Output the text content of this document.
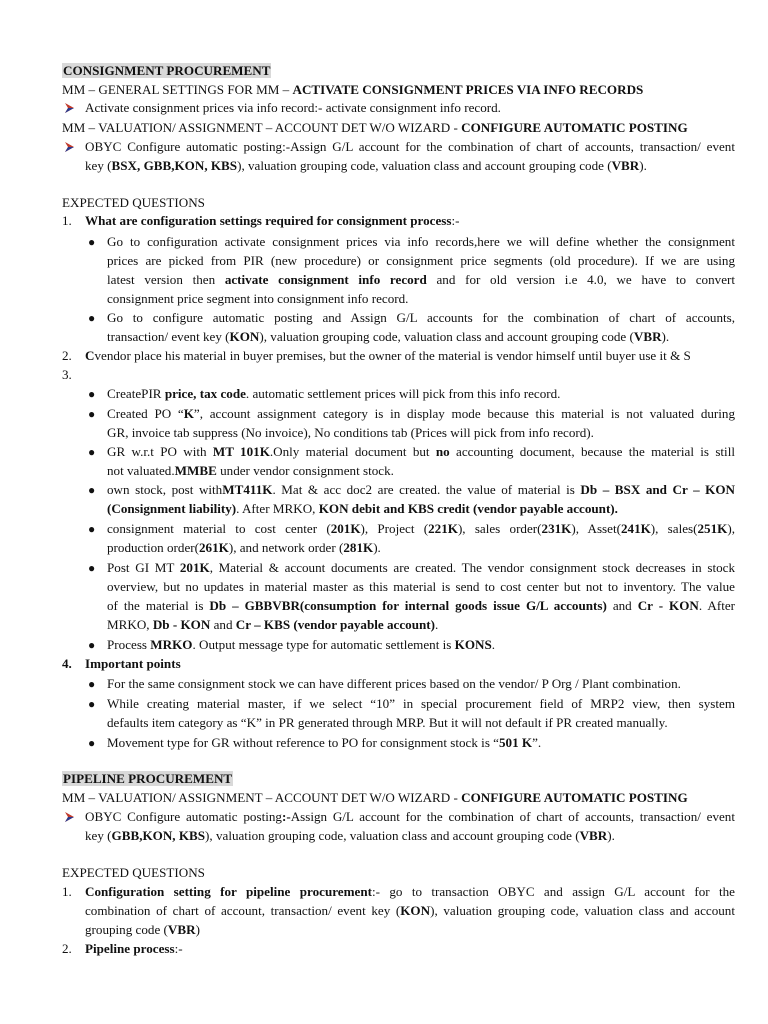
CONSIGNMENT PROCUREMENT
MM – GENERAL SETTINGS FOR MM – ACTIVATE CONSIGNMENT PRICES VIA INFO RECORDS
Activate consignment prices via info record:- activate consignment info record.
MM – VALUATION/ ASSIGNMENT – ACCOUNT DET W/O WIZARD - CONFIGURE AUTOMATIC POSTING
OBYC Configure automatic posting:-Assign G/L account for the combination of chart of accounts, transaction/ event
key (BSX, GBB,KON, KBS), valuation grouping code, valuation class and account grouping code (VBR).
EXPECTED QUESTIONS
1. What are configuration settings required for consignment process:-
● Go to configuration activate consignment prices via info records,here we will define whether the consignment
prices are picked from PIR (new procedure) or consignment price segments (old procedure). If we are using
latest version then activate consignment info record and for old version i.e 4.0, we have to convert
consignment price segment into consignment info record.
● Go to configure automatic posting and Assign G/L accounts for the combination of chart of accounts,
transaction/ event key (KON), valuation grouping code, valuation class and account grouping code (VBR).
2. Cvendor place his material in buyer premises, but the owner of the material is vendor himself until buyer use it & S
3.
● CreatePIR price, tax code. automatic settlement prices will pick from this info record.
● Created PO “K”, account assignment category is in display mode because this material is not valuated during
GR, invoice tab suppress (No invoice), No conditions tab (Prices will pick from info record).
● GR w.r.t PO with MT 101K.Only material document but no accounting document, because the material is still
not valuated.MMBE under vendor consignment stock.
● own stock, post withMT411K. Mat & acc doc2 are created. the value of material is Db – BSX and Cr – KON
(Consignment liability). After MRKO, KON debit and KBS credit (vendor payable account).
● consignment material to cost center (201K), Project (221K), sales order(231K), Asset(241K), sales(251K),
production order(261K), and network order (281K).
● Post GI MT 201K, Material & account documents are created. The vendor consignment stock decreases in stock
overview, but no updates in material master as this material is send to cost center but not to inventory. The value
of the material is Db – GBBVBR(consumption for internal goods issue G/L accounts) and Cr - KON. After
MRKO, Db - KON and Cr – KBS (vendor payable account).
● Process MRKO. Output message type for automatic settlement is KONS.
4. Important points
● For the same consignment stock we can have different prices based on the vendor/ P Org / Plant combination.
● While creating material master, if we select “10” in special procurement field of MRP2 view, then system
defaults item category as “K” in PR generated through MRP. But it will not default if PR created manually.
● Movement type for GR without reference to PO for consignment stock is “501 K”.
PIPELINE PROCUREMENT
MM – VALUATION/ ASSIGNMENT – ACCOUNT DET W/O WIZARD - CONFIGURE AUTOMATIC POSTING
OBYC Configure automatic posting:-Assign G/L account for the combination of chart of accounts, transaction/ event
key (GBB,KON, KBS), valuation grouping code, valuation class and account grouping code (VBR).
EXPECTED QUESTIONS
1. Configuration setting for pipeline procurement:- go to transaction OBYC and assign G/L account for the
combination of chart of account, transaction/ event key (KON), valuation grouping code, valuation class and account
grouping code (VBR)
2. Pipeline process:-
